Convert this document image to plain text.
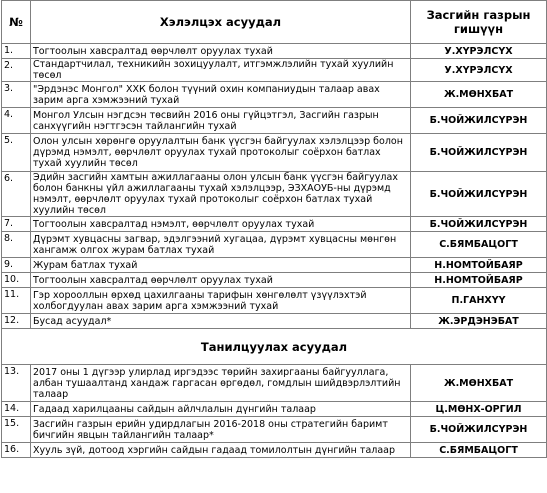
№	Хэлэлцэх асуудал	Засгийн газрын гишүүн
1.	Тогтоолын хавсралтад өөрчлөлт оруулах тухай	У.ХҮРЭЛСҮХ
2.	Стандартчилал, техникийн зохицуулалт, итгэмжлэлийн тухай хуулийн төсөл	У.ХҮРЭЛСҮХ
3.	"Эрдэнэс Монгол" ХХК болон түүний охин компаниудын талаар авах зарим арга хэмжээний тухай	Ж.МӨНХБАТ
4.	Монгол Улсын нэгдсэн төсвийн 2016 оны гүйцэтгэл, Засгийн газрын санхүүгийн нэгтгэсэн тайлангийн тухай	Б.ЧОЙЖИЛСҮРЭН
5.	Олон улсын хөрөнгө оруулалтын банк үүсгэн байгуулах хэлэлцээр болон дүрэмд нэмэлт, өөрчлөлт оруулах тухай протоколыг соёрхон батлах тухай хуулийн төсөл	Б.ЧОЙЖИЛСҮРЭН
6.	Эдийн засгийн хамтын ажиллагааны олон улсын банк үүсгэн байгуулах болон банкны үйл ажиллагааны тухай хэлэлцээр, ЭЗХАОУБ-ны дүрэмд нэмэлт, өөрчлөлт оруулах тухай протоколыг соёрхон батлах тухай хуулийн төсөл	Б.ЧОЙЖИЛСҮРЭН
7.	Тогтоолын хавсралтад нэмэлт, өөрчлөлт оруулах тухай	Б.ЧОЙЖИЛСҮРЭН
8.	Дүрэмт хувцасны загвар, эдэлгээний хугацаа, дүрэмт хувцасны мөнгөн хангамж олгох журам батлах тухай	С.БЯМБАЦОГТ
9.	Журам батлах тухай	Н.НОМТОЙБАЯР
10.	Тогтоолын хавсралтад өөрчлөлт оруулах тухай	Н.НОМТОЙБАЯР
11.	Гэр хорооллын өрхөд цахилгааны тарифын хөнгөлөлт үзүүлэхтэй холбогдуулан авах зарим арга хэмжээний тухай	П.ГАНХҮҮ
12.	Бусад асуудал*	Ж.ЭРДЭНЭБАТ
Танилцуулах асуудал		
13.	2017 оны 1 дүгээр улирлад иргэдээс төрийн захиргааны байгууллага, албан тушаалтанд хандаж гаргасан өргөдөл, гомдлын шийдвэрлэлтийн талаар	Ж.МӨНХБАТ
14.	Гадаад харилцааны сайдын айлчлалын дүнгийн талаар	Ц.МӨНХ-ОРГИЛ
15.	Засгийн газрын ерийн удирдлагын 2016-2018 оны стратегийн баримт бичгийн явцын тайлангийн талаар*	Б.ЧОЙЖИЛСҮРЭН
16.	Хууль зүй, дотоод хэргийн сайдын гадаад томилолтын дүнгийн талаар	С.БЯМБАЦОГТ
